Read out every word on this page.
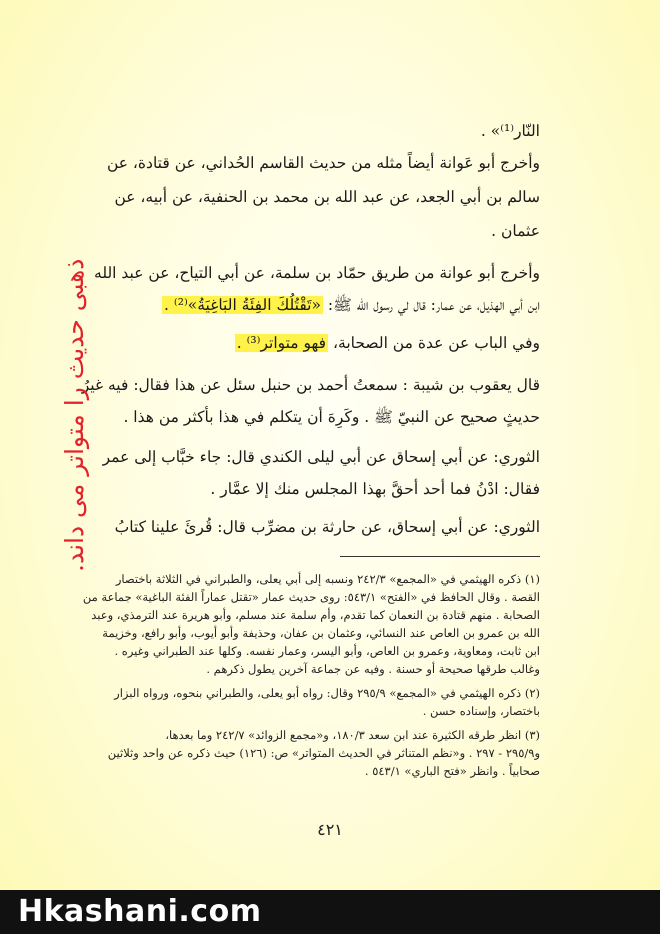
النّار⁽¹⁾» .
وأخرج أبو عَوانة أيضاً مثله من حديث القاسم الحُداني، عن قتادة، عن
سالم بن أبي الجعد، عن عبد الله بن محمد بن الحنفية، عن أبيه، عن
عثمان .
وأخرج أبو عوانة من طريق حمّاد بن سلمة، عن أبي التياح، عن عبد الله
ابن أبي الهذيل، عن عمار: قال لي رسول الله ﷺ: «تَقْتُلُكَ الفِئَةُ البَاغِيَةُ»⁽²⁾ .
وفي الباب عن عدة من الصحابة، فهو متواتر⁽³⁾ .
قال يعقوب بن شيبة : سمعتُ أحمد بن حنبل سئل عن هذا فقال: فيه غيرُ
حديثٍ صحيح عن النبيّ ﷺ . وكَرِهَ أن يتكلم في هذا بأكثر من هذا .
الثوري: عن أبي إسحاق عن أبي ليلى الكندي قال: جاء خبَّاب إلى عمر
فقال: ادْنُ فما أحد أحقَّ بهذا المجلس منك إلا عمَّار .
الثوري: عن أبي إسحاق، عن حارثة بن مضرِّب قال: قُرئَ علينا كتابُ
ذهبی حدیث را متواتر می داند.
(١) ذكره الهيثمي في «المجمع» ٢٤٢/٣ ونسبه إلى أبي يعلى، والطبراني في الثلاثة باختصار
القصة . وقال الحافظ في «الفتح» ٥٤٣/١: روى حديث عمار «تقتل عماراً الفئة الباغية» جماعة من
الصحابة . منهم قتادة بن النعمان كما تقدم، وأم سلمة عند مسلم، وأبو هريرة عند الترمذي، وعبد
الله بن عمرو بن العاص عند النسائي، وعثمان بن عفان، وحذيفة وأبو أيوب، وأبو رافع، وخزيمة
ابن ثابت، ومعاوية، وعمرو بن العاص، وأبو اليسر، وعمار نفسه. وكلها عند الطبراني وغيره .
وغالب طرقها صحيحة أو حسنة . وفيه عن جماعة آخرين يطول ذكرهم .
(٢) ذكره الهيثمي في «المجمع» ٢٩٥/٩ وقال: رواه أبو يعلى، والطبراني بنحوه، ورواه البزار
باختصار، وإسناده حسن .
(٣) انظر طرقه الكثيرة عند ابن سعد ١٨٠/٣، و«مجمع الزوائد» ٢٤٢/٧ وما بعدها،
و٢٩٥/٩ - ٢٩٧ . و«نظم المتناثر في الحديث المتواتر» ص: (١٢٦) حيث ذكره عن واحد وثلاثين
صحابياً . وانظر «فتح الباري» ٥٤٣/١ .
٤٢١
Hkashani.com
